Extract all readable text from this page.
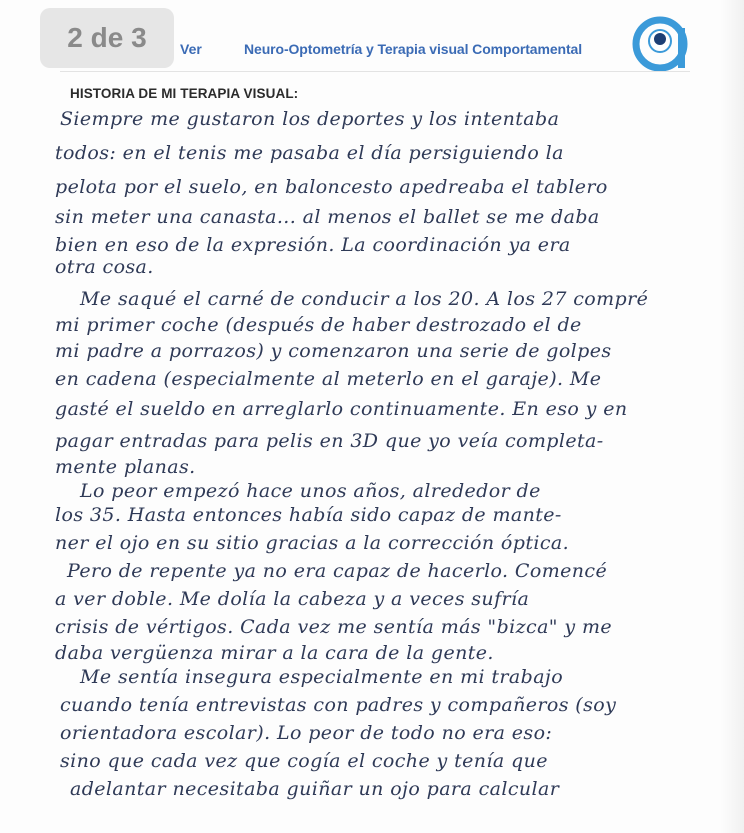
2 de 3	Ver	Neuro-Optometría y Terapia visual Comportamental
HISTORIA DE MI TERAPIA VISUAL:
Siempre me gustaron los deportes y los intentaba
todos: en el tenis me pasaba el día persiguiendo la
pelota por el suelo, en baloncesto apedreaba el tablero
sin meter una canasta... al menos el ballet se me daba
bien en eso de la expresión. La coordinación ya era
otra cosa.
Me saqué el carné de conducir a los 20. A los 27 compré
mi primer coche (después de haber destrozado el de
mi padre a porrazos) y comenzaron una serie de golpes
en cadena (especialmente al meterlo en el garaje). Me
gasté el sueldo en arreglarlo continuamente. En eso y en
pagar entradas para pelis en 3D que yo veía completa-
mente planas.
Lo peor empezó hace unos años, alrededor de
los 35. Hasta entonces había sido capaz de mante-
ner el ojo en su sitio gracias a la corrección óptica.
Pero de repente ya no era capaz de hacerlo. Comencé
a ver doble. Me dolía la cabeza y a veces sufría
crisis de vértigos. Cada vez me sentía más "bizca" y me
daba vergüenza mirar a la cara de la gente.
Me sentía insegura especialmente en mi trabajo
cuando tenía entrevistas con padres y compañeros (soy
orientadora escolar). Lo peor de todo no era eso:
sino que cada vez que cogía el coche y tenía que
adelantar necesitaba guiñar un ojo para calcular
